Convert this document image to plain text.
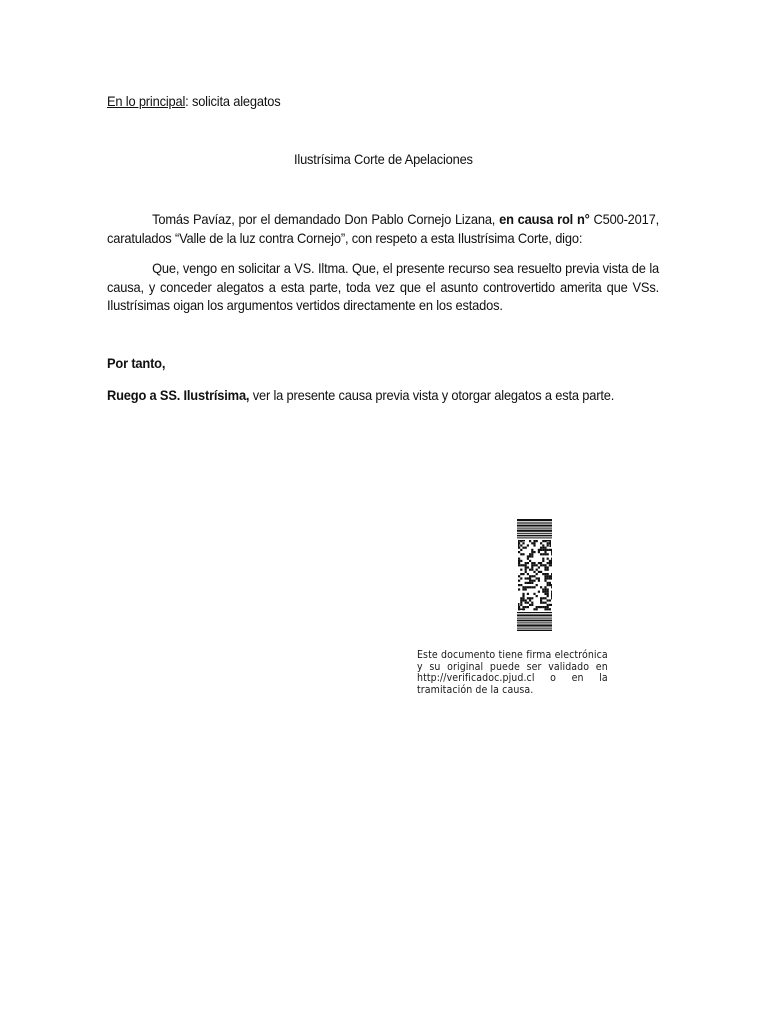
En lo principal: solicita alegatos
Ilustrísima Corte de Apelaciones
Tomás Pavíaz, por el demandado Don Pablo Cornejo Lizana, en causa rol n° C500-2017, caratulados “Valle de la luz contra Cornejo”, con respeto a esta Ilustrísima Corte, digo:
Que, vengo en solicitar a VS. Iltma. Que, el presente recurso sea resuelto previa vista de la causa, y conceder alegatos a esta parte, toda vez que el asunto controvertido amerita que VSs. Ilustrísimas oigan los argumentos vertidos directamente en los estados.
Por tanto,
Ruego a SS. Ilustrísima, ver la presente causa previa vista y otorgar alegatos a esta parte.
Este documento tiene firma electrónica
y su original puede ser validado en
http://verificadoc.pjud.cl o en la
tramitación de la causa.
